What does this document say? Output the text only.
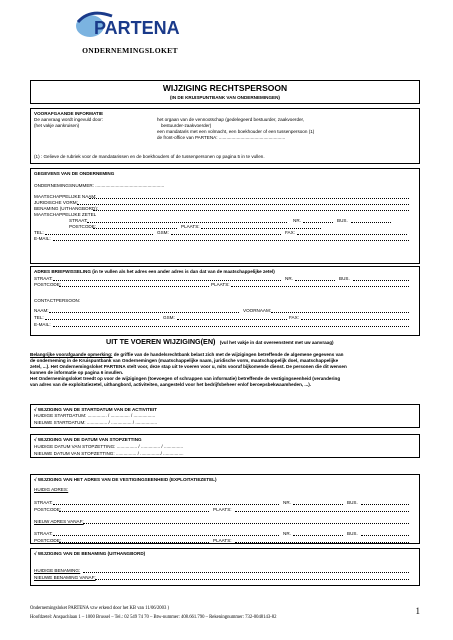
PARTENA
ONDERNEMINGSLOKET
WIJZIGING RECHTSPERSOON
(IN DE KRUISPUNTBANK VAN ONDERNEMINGEN)
VOORAFGAANDE INFORMATIE
De aanvraag wordt ingevuld door:	het orgaan van de vennootschap (gedelegeerd bestuurder, zaakvoerder,
(het vakje aankruisen)	bestuurder-zaakvoerder)
een mandataris met een volmacht, een boekhouder of een tussenpersoon (1)
de front-office van PARTENA: ....................................................
(1) : Gelieve de rubriek voor de mandatarissen en de boekhouders of de tussenpersonen op pagina 5 in te vullen.
GEGEVENS VAN DE ONDERNEMING
ONDERNEMINGSNUMMER: ......................................................
MAATSCHAPPELIJKE NAAM:
JURIDISCHE VORM:
BENAMING (UITHANGBORD):
MAATSCHAPPELIJKE ZETEL
STRAAT:	NR.	BUS.
POSTCODE:	PLAATS:
TEL:	GSM:	FAX:
E-MAIL:
ADRES BRIEFWISSELING (in te vullen als het adres een ander adres is dan dat van de maatschappelijke zetel)
STRAAT:	NR.	BUS.
POSTCODE:	PLAATS:
CONTACTPERSOON:
NAAM:	VOORNAAM:
TEL:	GSM:	FAX:
E-MAIL:
UIT TE VOEREN WIJZIGING(EN) (vul het vakje in dat overeenstemt met uw aanvraag)
Belangrijke voorafgaande opmerking: de griffie van de handelsrechtbank belast zich met de wijzigingen betreffende de algemene gegevens van
de onderneming in de Kruispuntbank van Ondernemingen (maatschappelijke naam, juridische vorm, maatschappelijk doel, maatschappelijke
zetel, ...). Het Ondernemingsloket PARTENA stelt voor, deze stap uit te voeren voor u, mits vooraf bijkomende dienst. De personen die dit wensen
kunnen de informatie op pagina 6 invullen.
Het Ondernemingsloket treedt op voor de wijzigingen (toevoegen of schrappen van informatie) betreffende de vestigingseenheid (verandering
van adres van de exploitatiezetel, uithangbord, activiteiten, aangesteld voor het bedrijfsbeheer en/of beroepsbekwaamheden, ...).
√ WIJZIGING VAN DE STARTDATUM VAN DE ACTIVITEIT
HUIDIGE STARTDATUM: ............... / ............... / .................
NIEUWE STARTDATUM: ................ / ................ / .................
√ WIJZIGING VAN DE DATUM VAN STOPZETTING
HUIDIGE DATUM VAN STOPZETTING: ................ / ............... / ...............
NIEUWE DATUM VAN STOPZETTING: ................ / ................/ ................
√ WIJZIGING VAN HET ADRES VAN DE VESTIGINGSEENHEID (EXPLOITATIEZETEL)
HUIDIG ADRES:
STRAAT:	NR.	BUS.
POSTCODE:	PLAATS:
NIEUW ADRES VANAF:
STRAAT:	NR.	BUS.
POSTCODE:	PLAATS:
√ WIJZIGING VAN DE BENAMING (UITHANGBORD)
HUIDIGE BENAMING:
NIEUWE BENAMING VANAF:
Ondernemingsloket PARTENA vzw erkend door het KB van 11/06/2003 )
Hoofdzetel: Anspachlaan 1 – 1000 Brussel – Tel.: 02 549 74 70 – Btw-nummer: 408.661.790 – Rekeningnummer: 732-0048143-82
1
